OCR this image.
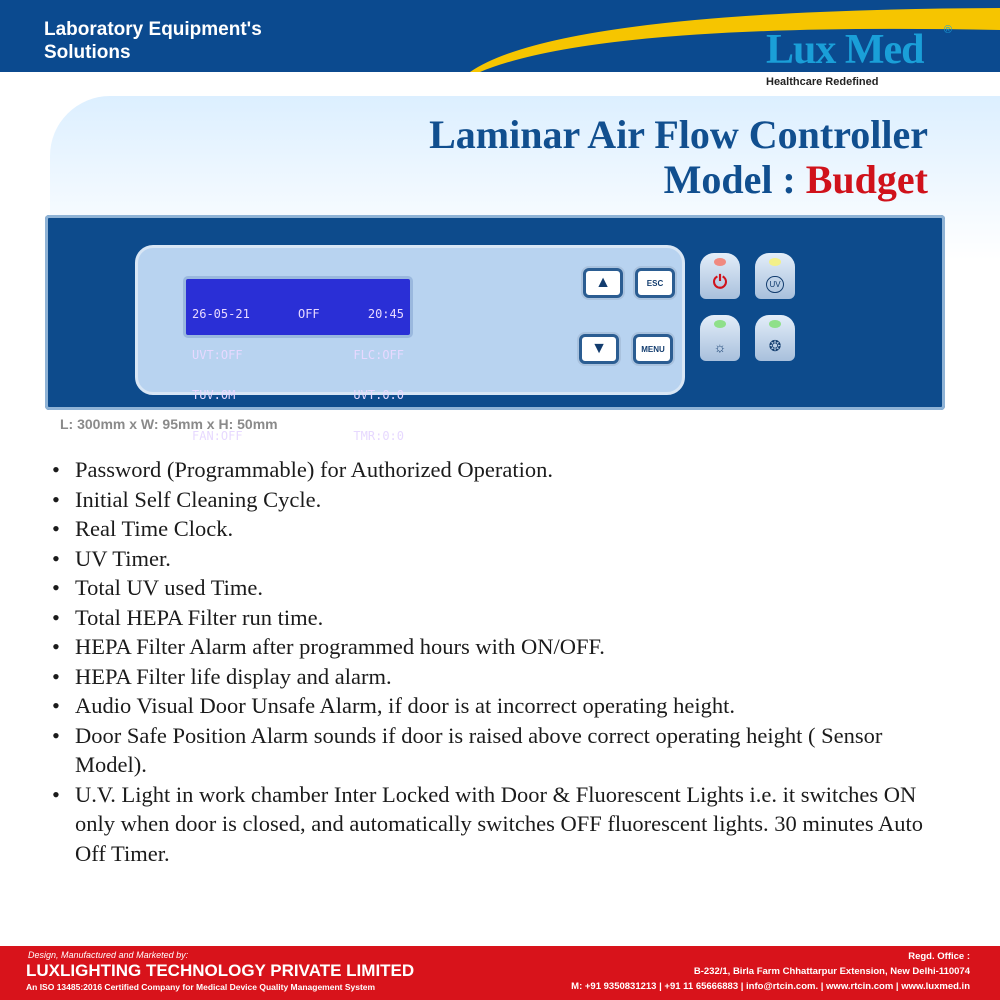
Laboratory Equipment's
Solutions	Lux Med ®
Healthcare Redefined
Laminar Air Flow Controller
Model : Budget

26-05-21	OFF	20:45

UVT:OFF	FLC:OFF

TUV:0M	UVT:0:0

FAN:OFF	TMR:0:0

▲	ESC
▼	MENU
⏻	UV
☼	❂
L: 300mm x W: 95mm x H: 50mm
• Password (Programmable) for Authorized Operation.
• Initial Self Cleaning Cycle.
• Real Time Clock.
• UV Timer.
• Total UV used Time.
• Total HEPA Filter run time.
• HEPA Filter Alarm after programmed hours with ON/OFF.
• HEPA Filter life display and alarm.
• Audio Visual Door Unsafe Alarm, if door is at incorrect operating height.
• Door Safe Position Alarm sounds if door is raised above correct operating height ( Sensor Model).
• U.V. Light in work chamber Inter Locked with Door & Fluorescent Lights i.e. it switches ON only when door is closed, and automatically switches OFF fluorescent lights. 30 minutes Auto Off Timer.
Design, Manufactured and Marketed by:
LUXLIGHTING TECHNOLOGY PRIVATE LIMITED
An ISO 13485:2016 Certified Company for Medical Device Quality Management System
Regd. Office :
B-232/1, Birla Farm Chhattarpur Extension, New Delhi-110074
M: +91 9350831213 | +91 11 65666883 | info@rtcin.com. | www.rtcin.com | www.luxmed.in
